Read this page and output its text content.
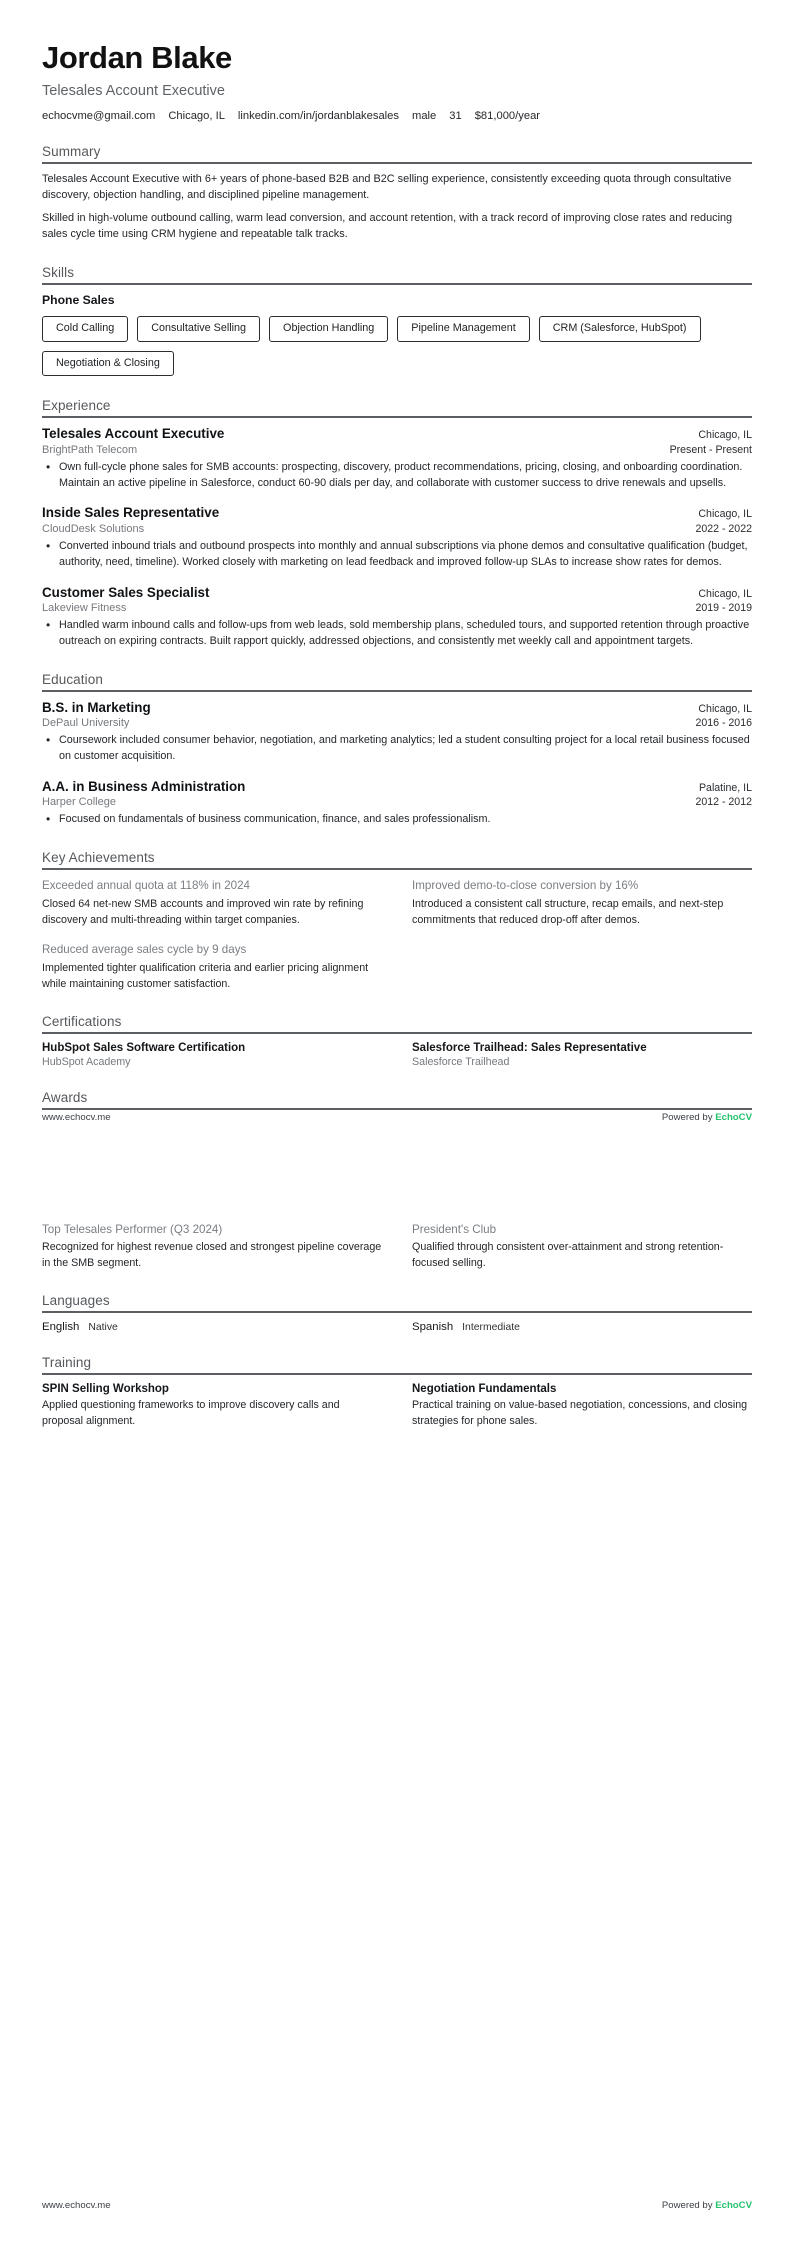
Jordan Blake
Telesales Account Executive
echocvme@gmail.com Chicago, IL linkedin.com/in/jordanblakesales male 31 $81,000/year
Summary

Telesales Account Executive with 6+ years of phone-based B2B and B2C selling experience, consistently exceeding quota through consultative discovery, objection handling, and disciplined pipeline management.

Skilled in high-volume outbound calling, warm lead conversion, and account retention, with a track record of improving close rates and reducing sales cycle time using CRM hygiene and repeatable talk tracks.

Skills
Phone Sales
Cold Calling	Consultative Selling	Objection Handling	Pipeline Management	CRM (Salesforce, HubSpot)
Negotiation & Closing
Experience
Telesales Account Executive	Chicago, IL
BrightPath Telecom	Present - Present
• Own full-cycle phone sales for SMB accounts: prospecting, discovery, product recommendations, pricing, closing, and onboarding coordination. Maintain an active pipeline in Salesforce, conduct 60-90 dials per day, and collaborate with customer success to drive renewals and upsells.
Inside Sales Representative	Chicago, IL
CloudDesk Solutions	2022 - 2022
• Converted inbound trials and outbound prospects into monthly and annual subscriptions via phone demos and consultative qualification (budget, authority, need, timeline). Worked closely with marketing on lead feedback and improved follow-up SLAs to increase show rates for demos.
Customer Sales Specialist	Chicago, IL
Lakeview Fitness	2019 - 2019
• Handled warm inbound calls and follow-ups from web leads, sold membership plans, scheduled tours, and supported retention through proactive outreach on expiring contracts. Built rapport quickly, addressed objections, and consistently met weekly call and appointment targets.
Education
B.S. in Marketing	Chicago, IL
DePaul University	2016 - 2016
• Coursework included consumer behavior, negotiation, and marketing analytics; led a student consulting project for a local retail business focused on customer acquisition.
A.A. in Business Administration	Palatine, IL
Harper College	2012 - 2012
• Focused on fundamentals of business communication, finance, and sales professionalism.
Key Achievements
Exceeded annual quota at 118% in 2024
Closed 64 net-new SMB accounts and improved win rate by refining discovery and multi-threading within target companies.
Improved demo-to-close conversion by 16%
Introduced a consistent call structure, recap emails, and next-step commitments that reduced drop-off after demos.
Reduced average sales cycle by 9 days
Implemented tighter qualification criteria and earlier pricing alignment while maintaining customer satisfaction.
Certifications
HubSpot Sales Software Certification
HubSpot Academy
Salesforce Trailhead: Sales Representative
Salesforce Trailhead
Awards
Top Telesales Performer (Q3 2024)
Recognized for highest revenue closed and strongest pipeline coverage in the SMB segment.
President's Club
Qualified through consistent over-attainment and strong retention-focused selling.
Languages
English Native	Spanish Intermediate
Training
SPIN Selling Workshop
Applied questioning frameworks to improve discovery calls and proposal alignment.
Negotiation Fundamentals
Practical training on value-based negotiation, concessions, and closing strategies for phone sales.
www.echocv.me	Powered by EchoCV
www.echocv.me	Powered by EchoCV
